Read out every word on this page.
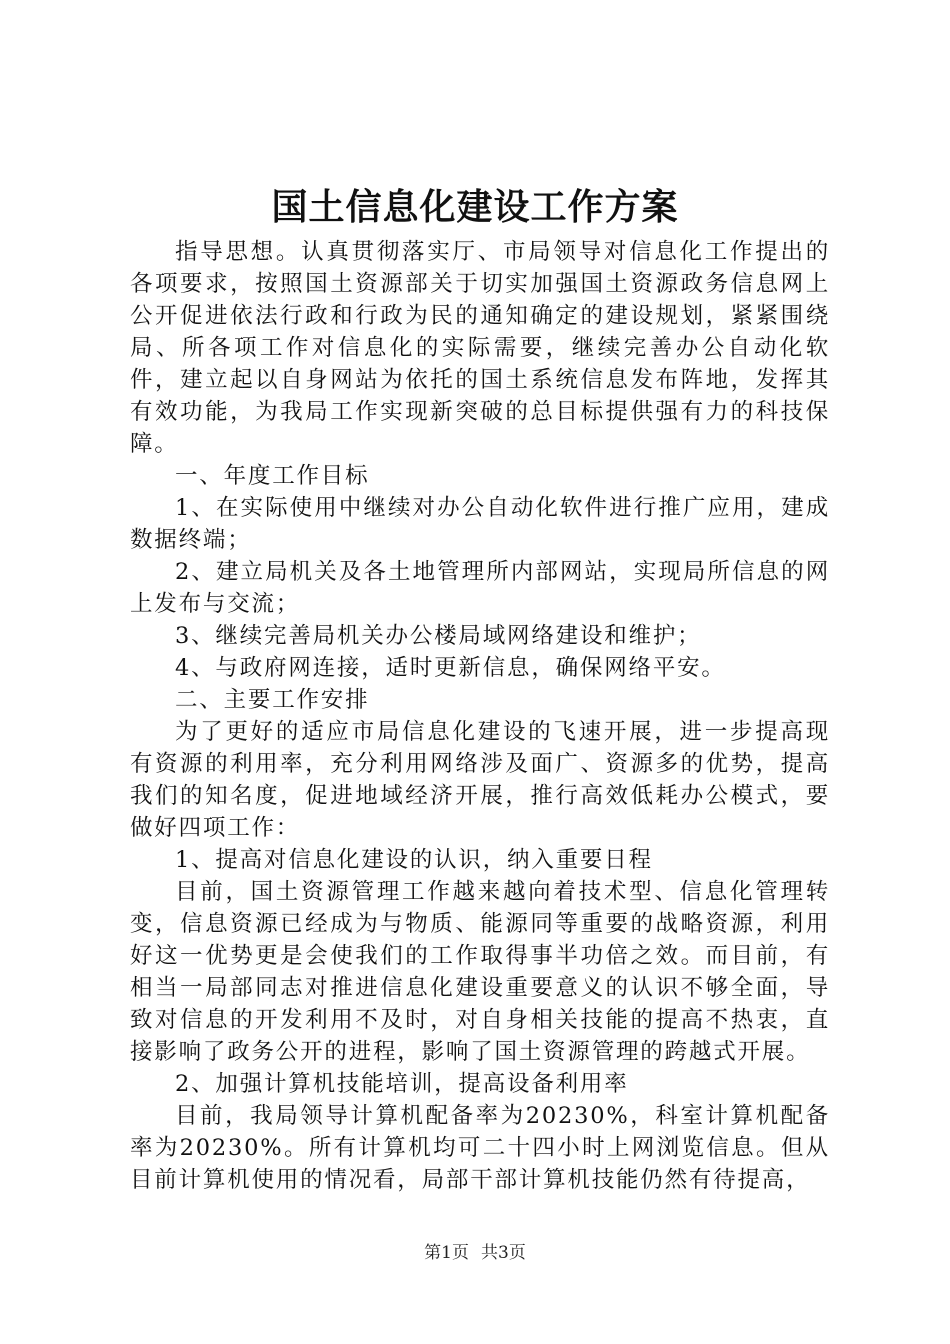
国土信息化建设工作方案

指导思想。认真贯彻落实厅、市局领导对信息化工作提出的各项要求，按照国土资源部关于切实加强国土资源政务信息网上公开促进依法行政和行政为民的通知确定的建设规划，紧紧围绕局、所各项工作对信息化的实际需要，继续完善办公自动化软件，建立起以自身网站为依托的国土系统信息发布阵地，发挥其有效功能，为我局工作实现新突破的总目标提供强有力的科技保障。

一、年度工作目标

1、在实际使用中继续对办公自动化软件进行推广应用，建成数据终端；

2、建立局机关及各土地管理所内部网站，实现局所信息的网上发布与交流；

3、继续完善局机关办公楼局域网络建设和维护；

4、与政府网连接，适时更新信息，确保网络平安。

二、主要工作安排

为了更好的适应市局信息化建设的飞速开展，进一步提高现有资源的利用率，充分利用网络涉及面广、资源多的优势，提高我们的知名度，促进地域经济开展，推行高效低耗办公模式，要做好四项工作：

1、提高对信息化建设的认识，纳入重要日程

目前，国土资源管理工作越来越向着技术型、信息化管理转变，信息资源已经成为与物质、能源同等重要的战略资源，利用好这一优势更是会使我们的工作取得事半功倍之效。而目前，有相当一局部同志对推进信息化建设重要意义的认识不够全面，导致对信息的开发利用不及时，对自身相关技能的提高不热衷，直接影响了政务公开的进程，影响了国土资源管理的跨越式开展。

2、加强计算机技能培训，提高设备利用率

目前，我局领导计算机配备率为20230%，科室计算机配备率为20230%。所有计算机均可二十四小时上网浏览信息。但从目前计算机使用的情况看，局部干部计算机技能仍然有待提高，

第1页 共3页
